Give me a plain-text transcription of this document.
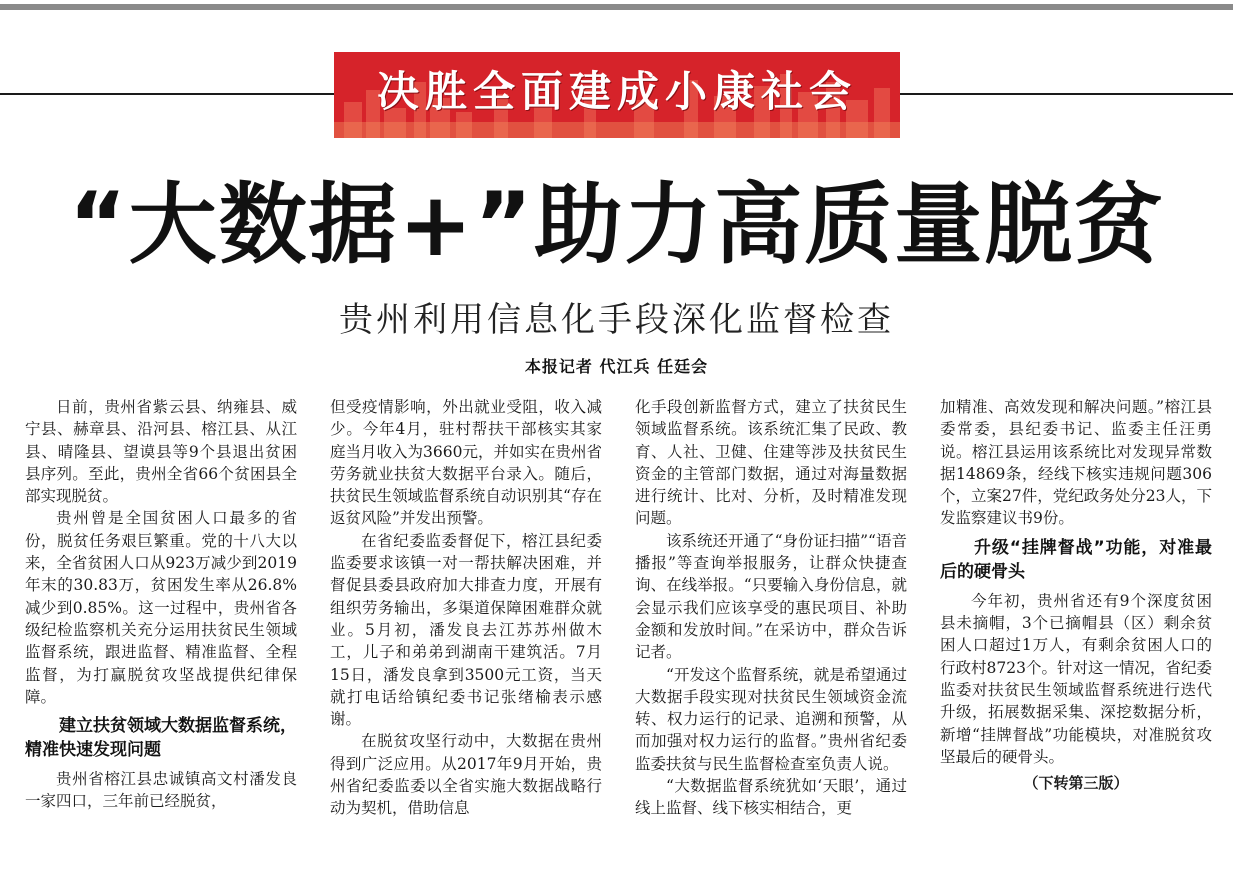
决胜全面建成小康社会
“大数据+”助力高质量脱贫
贵州利用信息化手段深化监督检查
本报记者 代江兵 任廷会

日前，贵州省紫云县、纳雍县、威宁县、赫章县、沿河县、榕江县、从江县、晴隆县、望谟县等9个县退出贫困县序列。至此，贵州全省66个贫困县全部实现脱贫。

贵州曾是全国贫困人口最多的省份，脱贫任务艰巨繁重。党的十八大以来，全省贫困人口从923万减少到2019年末的30.83万，贫困发生率从26.8%减少到0.85%。这一过程中，贵州省各级纪检监察机关充分运用扶贫民生领域监督系统，跟进监督、精准监督、全程监督，为打赢脱贫攻坚战提供纪律保障。

建立扶贫领域大数据监督系统，精准快速发现问题

贵州省榕江县忠诚镇高文村潘发良一家四口，三年前已经脱贫，

但受疫情影响，外出就业受阻，收入减少。今年4月，驻村帮扶干部核实其家庭当月收入为3660元，并如实在贵州省劳务就业扶贫大数据平台录入。随后，扶贫民生领域监督系统自动识别其“存在返贫风险”并发出预警。

在省纪委监委督促下，榕江县纪委监委要求该镇一对一帮扶解决困难，并督促县委县政府加大排查力度，开展有组织劳务输出，多渠道保障困难群众就业。5月初，潘发良去江苏苏州做木工，儿子和弟弟到湖南干建筑活。7月15日，潘发良拿到3500元工资，当天就打电话给镇纪委书记张绪榆表示感谢。

在脱贫攻坚行动中，大数据在贵州得到广泛应用。从2017年9月开始，贵州省纪委监委以全省实施大数据战略行动为契机，借助信息

化手段创新监督方式，建立了扶贫民生领域监督系统。该系统汇集了民政、教育、人社、卫健、住建等涉及扶贫民生资金的主管部门数据，通过对海量数据进行统计、比对、分析，及时精准发现问题。

该系统还开通了“身份证扫描”“语音播报”等查询举报服务，让群众快捷查询、在线举报。“只要输入身份信息，就会显示我们应该享受的惠民项目、补助金额和发放时间。”在采访中，群众告诉记者。

“开发这个监督系统，就是希望通过大数据手段实现对扶贫民生领域资金流转、权力运行的记录、追溯和预警，从而加强对权力运行的监督。”贵州省纪委监委扶贫与民生监督检查室负责人说。

“大数据监督系统犹如‘天眼’，通过线上监督、线下核实相结合，更

加精准、高效发现和解决问题。”榕江县委常委，县纪委书记、监委主任汪勇说。榕江县运用该系统比对发现异常数据14869条，经线下核实违规问题306个，立案27件，党纪政务处分23人，下发监察建议书9份。

升级“挂牌督战”功能，对准最后的硬骨头

今年初，贵州省还有9个深度贫困县未摘帽，3个已摘帽县（区）剩余贫困人口超过1万人，有剩余贫困人口的行政村8723个。针对这一情况，省纪委监委对扶贫民生领域监督系统进行迭代升级，拓展数据采集、深挖数据分析，新增“挂牌督战”功能模块，对准脱贫攻坚最后的硬骨头。

（下转第三版）
